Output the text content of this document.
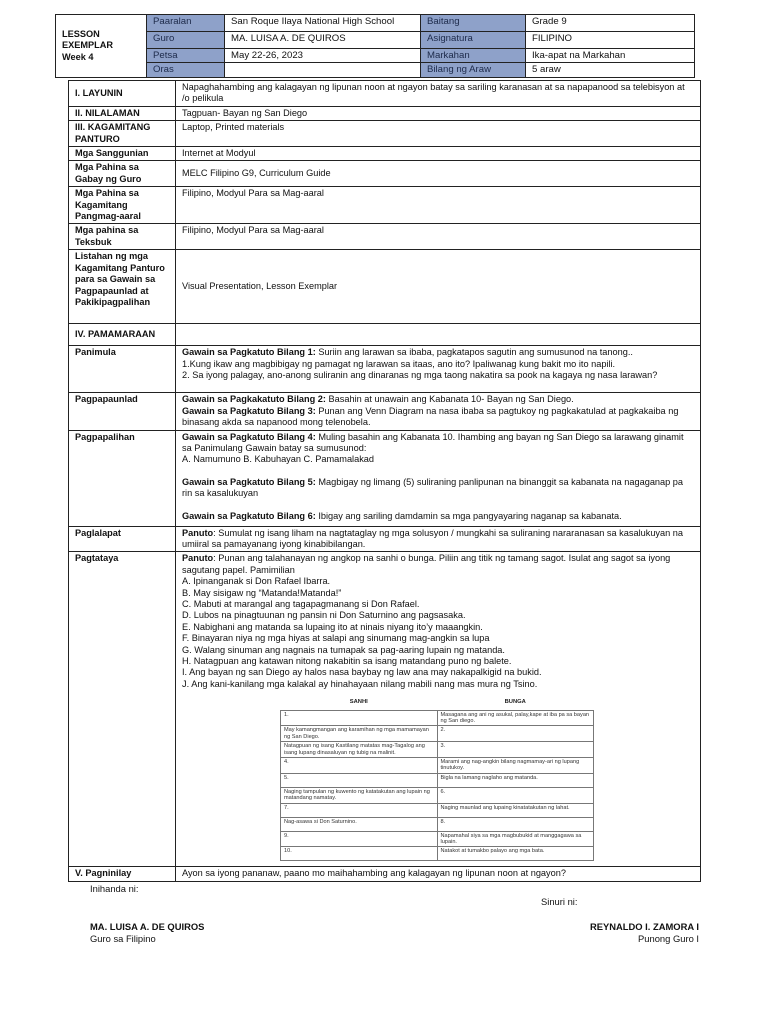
LESSON
EXEMPLAR
Week 4	Paaralan	San Roque Ilaya National High School	Baitang	Grade 9
	Guro	MA. LUISA A. DE QUIROS	Asignatura	FILIPINO
	Petsa	May 22-26, 2023	Markahan	Ika-apat na Markahan
	Oras		Bilang ng Araw	5 araw
I. LAYUNIN	Napaghahambing ang kalagayan ng lipunan noon at ngayon batay sa sariling karanasan at sa napapanood sa telebisyon at /o pelikula
II. NILALAMAN	Tagpuan- Bayan ng San Diego
III. KAGAMITANG PANTURO	Laptop, Printed materials
Mga Sanggunian	Internet at Modyul
Mga Pahina sa Gabay ng Guro	MELC Filipino G9, Curriculum Guide
Mga Pahina sa Kagamitang Pangmag-aaral	Filipino, Modyul Para sa Mag-aaral
Mga pahina sa Teksbuk	Filipino, Modyul Para sa Mag-aaral
Listahan ng mga Kagamitang Panturo para sa Gawain sa Pagpapaunlad at Pakikipagpalihan	Visual Presentation, Lesson Exemplar
IV. PAMAMARAAN	
Panimula	Gawain sa Pagkatuto Bilang 1: Suriin ang larawan sa ibaba, pagkatapos sagutin ang sumusunod na tanong..
1.Kung ikaw ang magbibigay ng pamagat ng larawan sa itaas, ano ito? Ipaliwanag kung bakit mo ito napili.
2. Sa iyong palagay, ano-anong suliranin ang dinaranas ng mga taong nakatira sa pook na kagaya ng nasa larawan?
Pagpapaunlad	Gawain sa Pagkakatuto Bilang 2: Basahin at unawain ang Kabanata 10- Bayan ng San Diego.
Gawain sa Pagkatuto Bilang 3: Punan ang Venn Diagram na nasa ibaba sa pagtukoy ng pagkakatulad at pagkakaiba ng binasang akda sa napanood mong telenobela.
Pagpapalihan	Gawain sa Pagkatuto Bilang 4: Muling basahin ang Kabanata 10. Ihambing ang bayan ng San Diego sa larawang ginamit sa Panimulang Gawain batay sa sumusunod:
A. Namumuno B. Kabuhayan C. Pamamalakad
Gawain sa Pagkatuto Bilang 5: Magbigay ng limang (5) suliraning panlipunan na binanggit sa kabanata na nagaganap pa rin sa kasalukuyan
Gawain sa Pagkatuto Bilang 6: Ibigay ang sariling damdamin sa mga pangyayaring naganap sa kabanata.
Paglalapat	Panuto: Sumulat ng isang liham na nagtataglay ng mga solusyon / mungkahi sa suliraning nararanasan sa kasalukuyan na umiiral sa pamayanang iyong kinabibilangan.
Pagtataya	Panuto: Punan ang talahanayan ng angkop na sanhi o bunga. Piliin ang titik ng tamang sagot. Isulat ang sagot sa iyong sagutang papel. Pamimilian
A. Ipinanganak si Don Rafael Ibarra.
B. May sisigaw ng “Matanda!Matanda!”
C. Mabuti at marangal ang tagapagmanang si Don Rafael.
D. Lubos na pinagtuunan ng pansin ni Don Saturnino ang pagsasaka.
E. Nabighani ang matanda sa lupaing ito at ninais niyang ito’y maaangkin.
F. Binayaran niya ng mga hiyas at salapi ang sinumang mag-angkin sa lupa
G. Walang sinuman ang nagnais na tumapak sa pag-aaring lupain ng matanda.
H. Natagpuan ang katawan nitong nakabitin sa isang matandang puno ng balete.
I. Ang bayan ng san Diego ay halos nasa baybay ng law ana may nakapalkigid na bukid.
J. Ang kani-kanilang mga kalakal ay hinahayaan nilang mabili nang mas mura ng Tsino.
SANHI	BUNGA
1.	Masagana ang ani ng asukal, palay,kape at iba pa sa bayan ng San diego.
May kamangmangan ang karamihan ng mga mamamayan ng San Diego.	2.
Natagpuan ng isang Kastilang matatas mag-Tagalog ang isang lupang dinasaluyan ng tubig na malinit.	3.
4.	Marami ang nag-angkin bilang nagmamay-ari ng lupang tinutukoy.
5.	Bigla na lamang naglaho ang matanda.
Naging tampulan ng kuwento ng katatakutan ang lupain ng matandang namatay.	6.
7.	Naging maunlad ang lupaing kinatatakutan ng lahat.
Nag-asawa si Don Saturnino.	8.
9.	Napamahal siya sa mga magbubukid at manggagawa sa lupain.
10.	Natakot at tumakbo palayo ang mga bata.

V. Pagninilay	Ayon sa iyong pananaw, paano mo maihahambing ang kalagayan ng lipunan noon at ngayon?
Inihanda ni:
Sinuri ni:
MA. LUISA A. DE QUIROS
Guro sa Filipino
REYNALDO I. ZAMORA I
Punong Guro I
